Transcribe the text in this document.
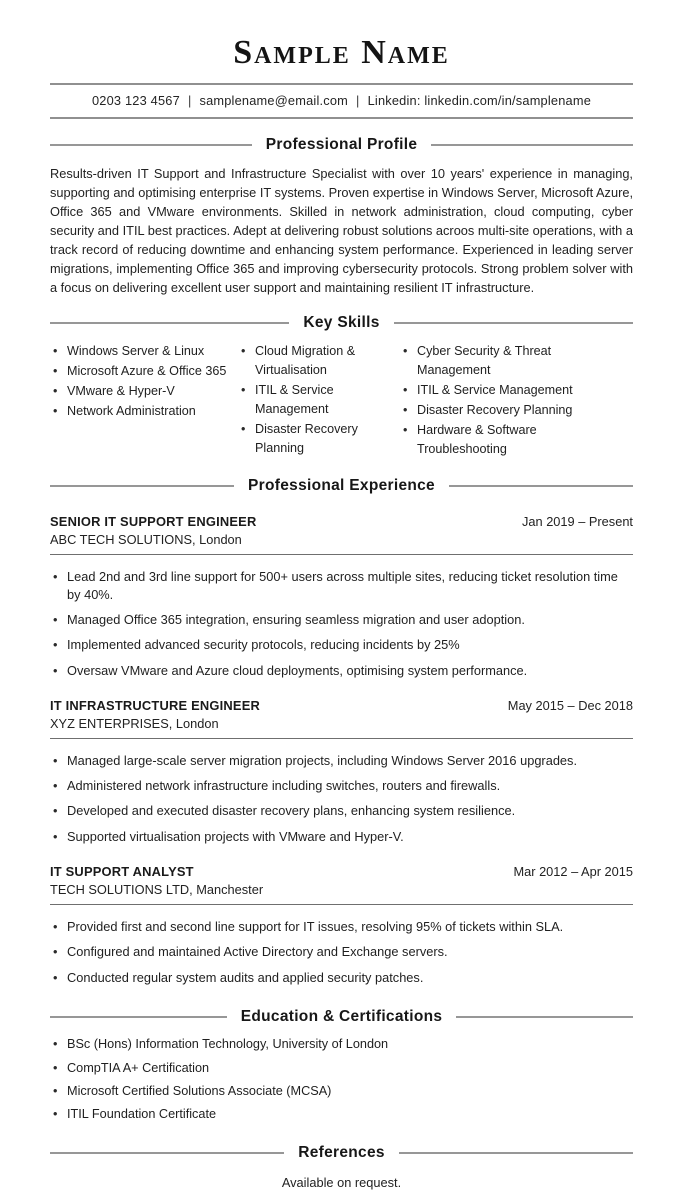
Sample Name
0203 123 4567 | samplename@email.com | Linkedin: linkedin.com/in/samplename
Professional Profile

Results-driven IT Support and Infrastructure Specialist with over 10 years' experience in managing, supporting and optimising enterprise IT systems. Proven expertise in Windows Server, Microsoft Azure, Office 365 and VMware environments. Skilled in network administration, cloud computing, cyber security and ITIL best practices. Adept at delivering robust solutions acroos multi-site operations, with a track record of reducing downtime and enhancing system performance. Experienced in leading server migrations, implementing Office 365 and improving cybersecurity protocols. Strong problem solver with a focus on delivering excellent user support and maintaining resilient IT infrastructure.

Key Skills
• Windows Server & Linux
• Microsoft Azure & Office 365
• VMware & Hyper-V
• Network Administration
• Cloud Migration & Virtualisation
• ITIL & Service Management
• Disaster Recovery Planning
• Cyber Security & Threat Management
• ITIL & Service Management
• Disaster Recovery Planning
• Hardware & Software Troubleshooting
Professional Experience
SENIOR IT SUPPORT ENGINEER	Jan 2019 – Present
ABC TECH SOLUTIONS, London
• Lead 2nd and 3rd line support for 500+ users across multiple sites, reducing ticket resolution time by 40%.
• Managed Office 365 integration, ensuring seamless migration and user adoption.
• Implemented advanced security protocols, reducing incidents by 25%
• Oversaw VMware and Azure cloud deployments, optimising system performance.
IT INFRASTRUCTURE ENGINEER	May 2015 – Dec 2018
XYZ ENTERPRISES, London
• Managed large-scale server migration projects, including Windows Server 2016 upgrades.
• Administered network infrastructure including switches, routers and firewalls.
• Developed and executed disaster recovery plans, enhancing system resilience.
• Supported virtualisation projects with VMware and Hyper-V.
IT SUPPORT ANALYST	Mar 2012 – Apr 2015
TECH SOLUTIONS LTD, Manchester
• Provided first and second line support for IT issues, resolving 95% of tickets within SLA.
• Configured and maintained Active Directory and Exchange servers.
• Conducted regular system audits and applied security patches.
Education & Certifications
• BSc (Hons) Information Technology, University of London
• CompTIA A+ Certification
• Microsoft Certified Solutions Associate (MCSA)
• ITIL Foundation Certificate
References
Available on request.
